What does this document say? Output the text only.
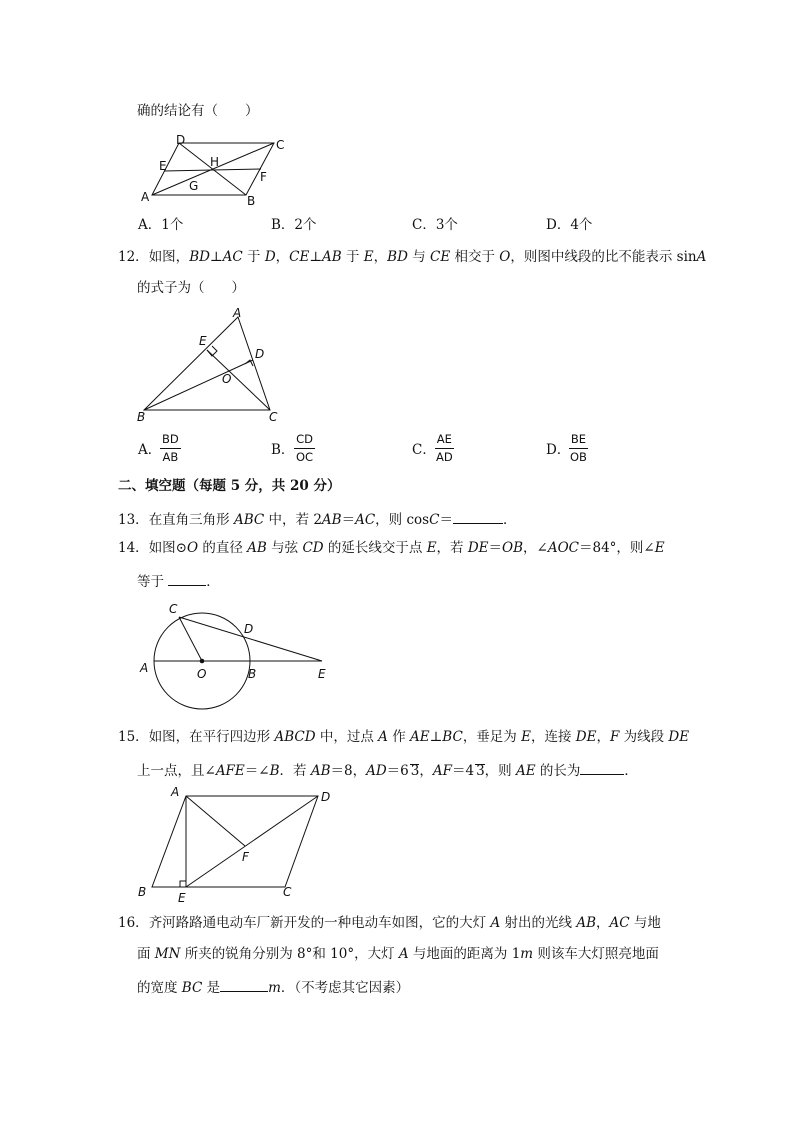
确的结论有（　　）
D	C
E	H
F
A
G
B
A．1个	B．2个	C．3个	D．4个
12．如图，BD⊥AC 于 D，CE⊥AB 于 E，BD 与 CE 相交于 O，则图中线段的比不能表示 sinA
的式子为（　　）
A
E
D
O
B	C
A．
$\frac{BD}{AB}$	B． $\frac{CD}{OC}$	C．
$\frac{AE}{AD}$	D．
$\frac{BE}{OB}$
二、填空题（每题 5 分，共 20 分）
13．在直角三角形 ABC 中，若 2AB＝AC，则 cosC＝	．
14．如图⊙O 的直径 AB 与弦 CD 的延长线交于点 E，若 DE＝OB，∠AOC＝84°，则∠E
等于	．
C
D
A	O	B	E
15．如图，在平行四边形 ABCD 中，过点 A 作 AE⊥BC，垂足为 E，连接 DE，F 为线段 DE
上一点，且∠AFE＝∠B．若 AB＝8，AD＝6 3，AF＝4 3，则 AE 的长为	．
A	D
F
B	E	C
16．齐河路路通电动车厂新开发的一种电动车如图，它的大灯 A 射出的光线 AB，AC 与地
面 MN 所夹的锐角分别为 8°和 10°，大灯 A 与地面的距离为 1m 则该车大灯照亮地面
的宽度 BC 是	m．（不考虑其它因素）
